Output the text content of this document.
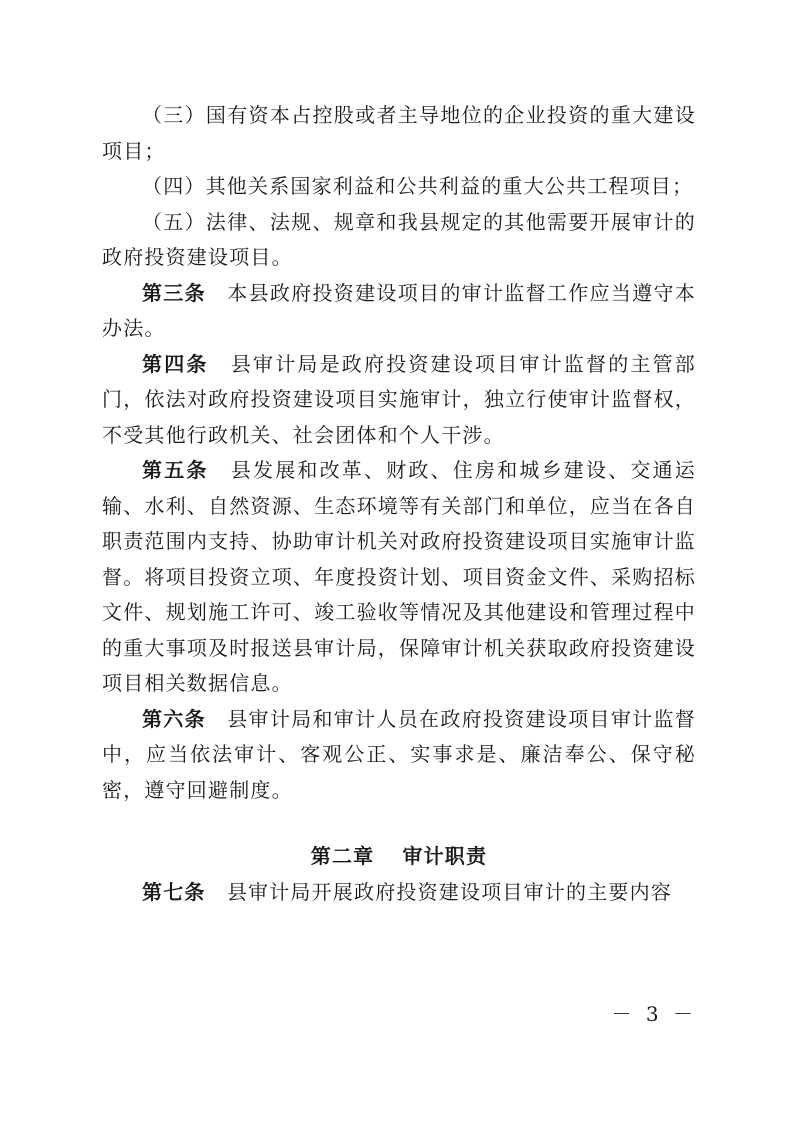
（三）国有资本占控股或者主导地位的企业投资的重大建设项目；

（四）其他关系国家利益和公共利益的重大公共工程项目；

（五）法律、法规、规章和我县规定的其他需要开展审计的政府投资建设项目。

第三条　 本县政府投资建设项目的审计监督工作应当遵守本办法。

第四条　 县审计局是政府投资建设项目审计监督的主管部门，依法对政府投资建设项目实施审计，独立行使审计监督权，不受其他行政机关、社会团体和个人干涉。

第五条　 县发展和改革、财政、住房和城乡建设、交通运输、水利、自然资源、生态环境等有关部门和单位，应当在各自职责范围内支持、协助审计机关对政府投资建设项目实施审计监督。将项目投资立项、年度投资计划、项目资金文件、采购招标文件、规划施工许可、竣工验收等情况及其他建设和管理过程中的重大事项及时报送县审计局，保障审计机关获取政府投资建设项目相关数据信息。

第六条　 县审计局和审计人员在政府投资建设项目审计监督中，应当依法审计、客观公正、实事求是、廉洁奉公、保守秘密，遵守回避制度。

第二章 审计职责

第七条　 县审计局开展政府投资建设项目审计的主要内容

－ 3 －
